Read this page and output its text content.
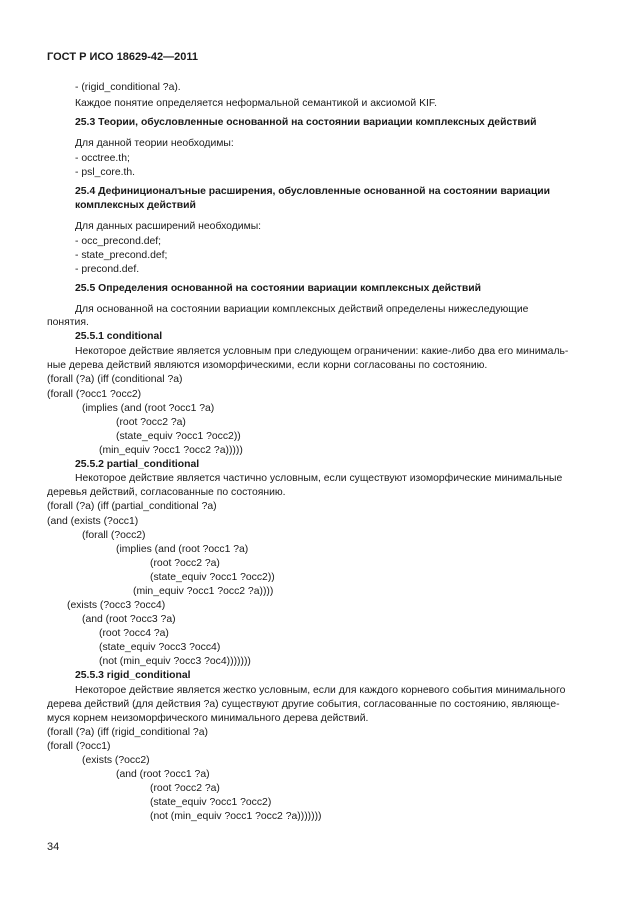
ГОСТ Р ИСО 18629-42—2011
- (rigid_conditional ?a).
Каждое понятие определяется неформальной семантикой и аксиомой KIF.
25.3 Теории, обусловленные основанной на состоянии вариации комплексных действий
Для данной теории необходимы:
- occtree.th;
- psl_core.th.
25.4 Дефиниционалъные расширения, обусловленные основанной на состоянии вариации
комплексных действий
Для данных расширений необходимы:
- occ_precond.def;
- state_precond.def;
- precond.def.
25.5 Определения основанной на состоянии вариации комплексных действий
Для основанной на состоянии вариации комплексных действий определены нижеследующие
понятия.
25.5.1 conditional
Некоторое действие является условным при следующем ограничении: какие-либо два его минималь-
ные дерева действий являются изоморфическими, если корни согласованы по состоянию.
(forall (?a) (iff (conditional ?a)
(forall (?occ1 ?occ2)
(implies (and (root ?occ1 ?a)
(root ?occ2 ?a)
(state_equiv ?occ1 ?occ2))
(min_equiv ?occ1 ?occ2 ?a)))))
25.5.2 partial_conditional
Некоторое действие является частично условным, если существуют изоморфические минимальные
деревья действий, согласованные по состоянию.
(forall (?a) (iff (partial_conditional ?a)
(and (exists (?occ1)
(forall (?occ2)
(implies (and (root ?occ1 ?a)
(root ?occ2 ?a)
(state_equiv ?occ1 ?occ2))
(min_equiv ?occ1 ?occ2 ?a))))
(exists (?occ3 ?occ4)
(and (root ?occ3 ?a)
(root ?occ4 ?a)
(state_equiv ?occ3 ?occ4)
(not (min_equiv ?occ3 ?oc4)))))))
25.5.3 rigid_conditional
Некоторое действие является жестко условным, если для каждого корневого события минимального
дерева действий (для действия ?а) существуют другие события, согласованные по состоянию, являюще-
муся корнем неизоморфического минимального дерева действий.
(forall (?a) (iff (rigid_conditional ?a)
(forall (?occ1)
(exists (?occ2)
(and (root ?occ1 ?a)
(root ?occ2 ?a)
(state_equiv ?occ1 ?occ2)
(not (min_equiv ?occ1 ?occ2 ?a)))))))
34
